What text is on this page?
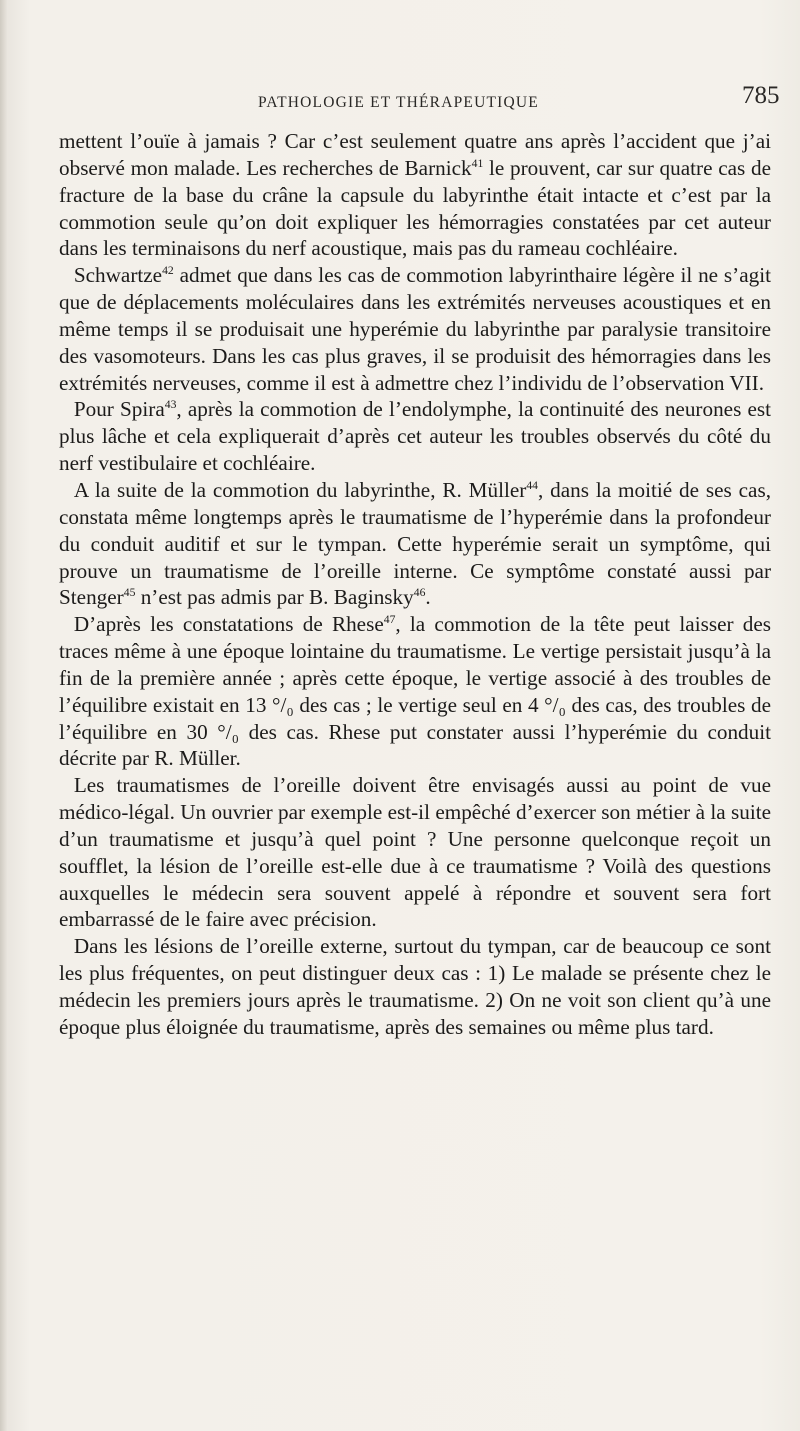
PATHOLOGIE ET THÉRAPEUTIQUE	785

mettent l’ouïe à jamais ? Car c’est seulement quatre ans après l’accident que j’ai observé mon malade. Les recherches de Barnick$^{41}$ le prouvent, car sur quatre cas de fracture de la base du crâne la capsule du labyrinthe était intacte et c’est par la commotion seule qu’on doit expliquer les hémorragies constatées par cet auteur dans les terminaisons du nerf acoustique, mais pas du rameau cochléaire.

Schwartze$^{42}$ admet que dans les cas de commotion labyrinthaire légère il ne s’agit que de déplacements moléculaires dans les extrémités nerveuses acoustiques et en même temps il se produisait une hyperémie du labyrinthe par paralysie transitoire des vasomoteurs. Dans les cas plus graves, il se produisit des hémorragies dans les extrémités nerveuses, comme il est à admettre chez l’individu de l’observation VII.

Pour Spira$^{43}$, après la commotion de l’endolymphe, la continuité des neurones est plus lâche et cela expliquerait d’après cet auteur les troubles observés du côté du nerf vestibulaire et cochléaire.

A la suite de la commotion du labyrinthe, R. Müller$^{44}$, dans la moitié de ses cas, constata même longtemps après le traumatisme de l’hyperémie dans la profondeur du conduit auditif et sur le tympan. Cette hyperémie serait un symptôme, qui prouve un traumatisme de l’oreille interne. Ce symptôme constaté aussi par Stenger$^{45}$ n’est pas admis par B. Baginsky$^{46}$.

D’après les constatations de Rhese$^{47}$, la commotion de la tête peut laisser des traces même à une époque lointaine du traumatisme. Le vertige persistait jusqu’à la fin de la première année ; après cette époque, le vertige associé à des troubles de l’équilibre existait en 13 °/₀ des cas ; le vertige seul en 4 °/₀ des cas, des troubles de l’équilibre en 30 °/₀ des cas. Rhese put constater aussi l’hyperémie du conduit décrite par R. Müller.

Les traumatismes de l’oreille doivent être envisagés aussi au point de vue médico-légal. Un ouvrier par exemple est-il empêché d’exercer son métier à la suite d’un traumatisme et jusqu’à quel point ? Une personne quelconque reçoit un soufflet, la lésion de l’oreille est-elle due à ce traumatisme ? Voilà des questions auxquelles le médecin sera souvent appelé à répondre et souvent sera fort embarrassé de le faire avec précision.

Dans les lésions de l’oreille externe, surtout du tympan, car de beaucoup ce sont les plus fréquentes, on peut distinguer deux cas : 1) Le malade se présente chez le médecin les premiers jours après le traumatisme. 2) On ne voit son client qu’à une époque plus éloignée du traumatisme, après des semaines ou même plus tard.
